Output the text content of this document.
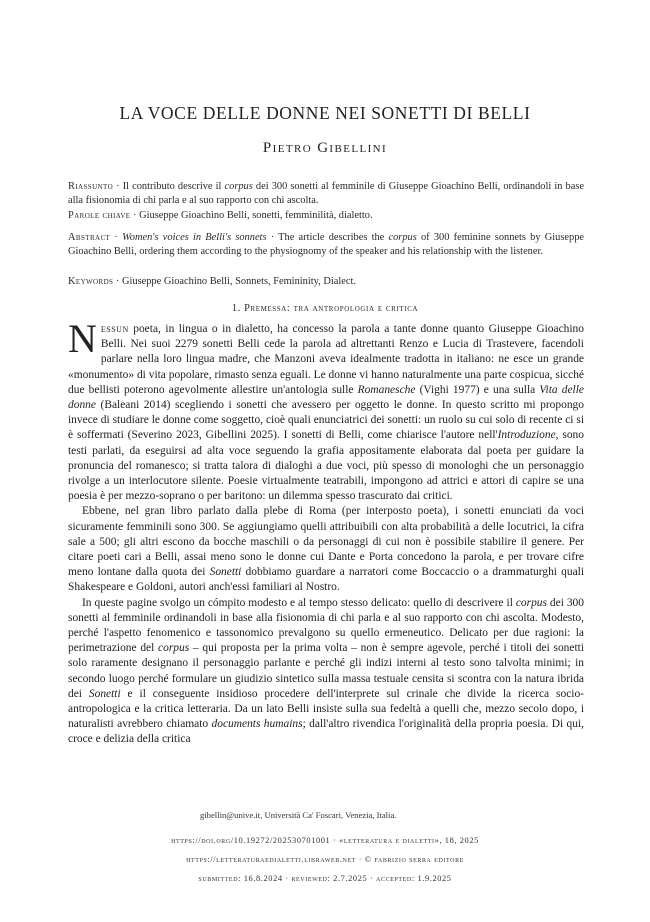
LA VOCE DELLE DONNE NEI SONETTI DI BELLI
Pietro Gibellini
Riassunto · Il contributo descrive il corpus dei 300 sonetti al femminile di Giuseppe Gioachino Belli, ordinandoli in base alla fisionomia di chi parla e al suo rapporto con chi ascolta.
Parole chiave · Giuseppe Gioachino Belli, sonetti, femminilità, dialetto.
Abstract · Women's voices in Belli's sonnets · The article describes the corpus of 300 feminine sonnets by Giuseppe Gioachino Belli, ordering them according to the physiognomy of the speaker and his relationship with the listener.
Keywords · Giuseppe Gioachino Belli, Sonnets, Femininity, Dialect.
1. Premessa: tra antropologia e critica

Nessun poeta, in lingua o in dialetto, ha concesso la parola a tante donne quanto Giuseppe Gioachino Belli. Nei suoi 2279 sonetti Belli cede la parola ad altrettanti Renzo e Lucia di Trastevere, facendoli parlare nella loro lingua madre, che Manzoni aveva idealmente tradotta in italiano: ne esce un grande «monumento» di vita popolare, rimasto senza eguali. Le donne vi hanno naturalmente una parte cospicua, sicché due bellisti poterono agevolmente allestire un'antologia sulle Romanesche (Vighi 1977) e una sulla Vita delle donne (Baleani 2014) scegliendo i sonetti che avessero per oggetto le donne. In questo scritto mi propongo invece di studiare le donne come soggetto, cioè quali enunciatrici dei sonetti: un ruolo su cui solo di recente ci si è soffermati (Severino 2023, Gibellini 2025). I sonetti di Belli, come chiarisce l'autore nell'Introduzione, sono testi parlati, da eseguirsi ad alta voce seguendo la grafia appositamente elaborata dal poeta per guidare la pronuncia del romanesco; si tratta talora di dialoghi a due voci, più spesso di monologhi che un personaggio rivolge a un interlocutore silente. Poesie virtualmente teatrabili, impongono ad attrici e attori di capire se una poesia è per mezzo-soprano o per baritono: un dilemma spesso trascurato dai critici.

Ebbene, nel gran libro parlato dalla plebe di Roma (per interposto poeta), i sonetti enunciati da voci sicuramente femminili sono 300. Se aggiungiamo quelli attribuibili con alta probabilità a delle locutrici, la cifra sale a 500; gli altri escono da bocche maschili o da personaggi di cui non è possibile stabilire il genere. Per citare poeti cari a Belli, assai meno sono le donne cui Dante e Porta concedono la parola, e per trovare cifre meno lontane dalla quota dei Sonetti dobbiamo guardare a narratori come Boccaccio o a drammaturghi quali Shakespeare e Goldoni, autori anch'essi familiari al Nostro.

In queste pagine svolgo un cómpito modesto e al tempo stesso delicato: quello di descrivere il corpus dei 300 sonetti al femminile ordinandoli in base alla fisionomia di chi parla e al suo rapporto con chi ascolta. Modesto, perché l'aspetto fenomenico e tassonomico prevalgono su quello ermeneutico. Delicato per due ragioni: la perimetrazione del corpus – qui proposta per la prima volta – non è sempre agevole, perché i titoli dei sonetti solo raramente designano il personaggio parlante e perché gli indizi interni al testo sono talvolta minimi; in secondo luogo perché formulare un giudizio sintetico sulla massa testuale censita si scontra con la natura ibrida dei Sonetti e il conseguente insidioso procedere dell'interprete sul crinale che divide la ricerca socio-antropologica e la critica letteraria. Da un lato Belli insiste sulla sua fedeltà a quelli che, mezzo secolo dopo, i naturalisti avrebbero chiamato documents humains; dall'altro rivendica l'originalità della propria poesia. Di qui, croce e delizia della critica

gibellin@unive.it, Università Ca' Foscari, Venezia, Italia.
https://doi.org/10.19272/202530701001 · «letteratura e dialetti», 18, 2025
https://letteraturaedialetti.libraweb.net · © fabrizio serra editore
submitted: 16.8.2024 · reviewed: 2.7.2025 · accepted: 1.9.2025
